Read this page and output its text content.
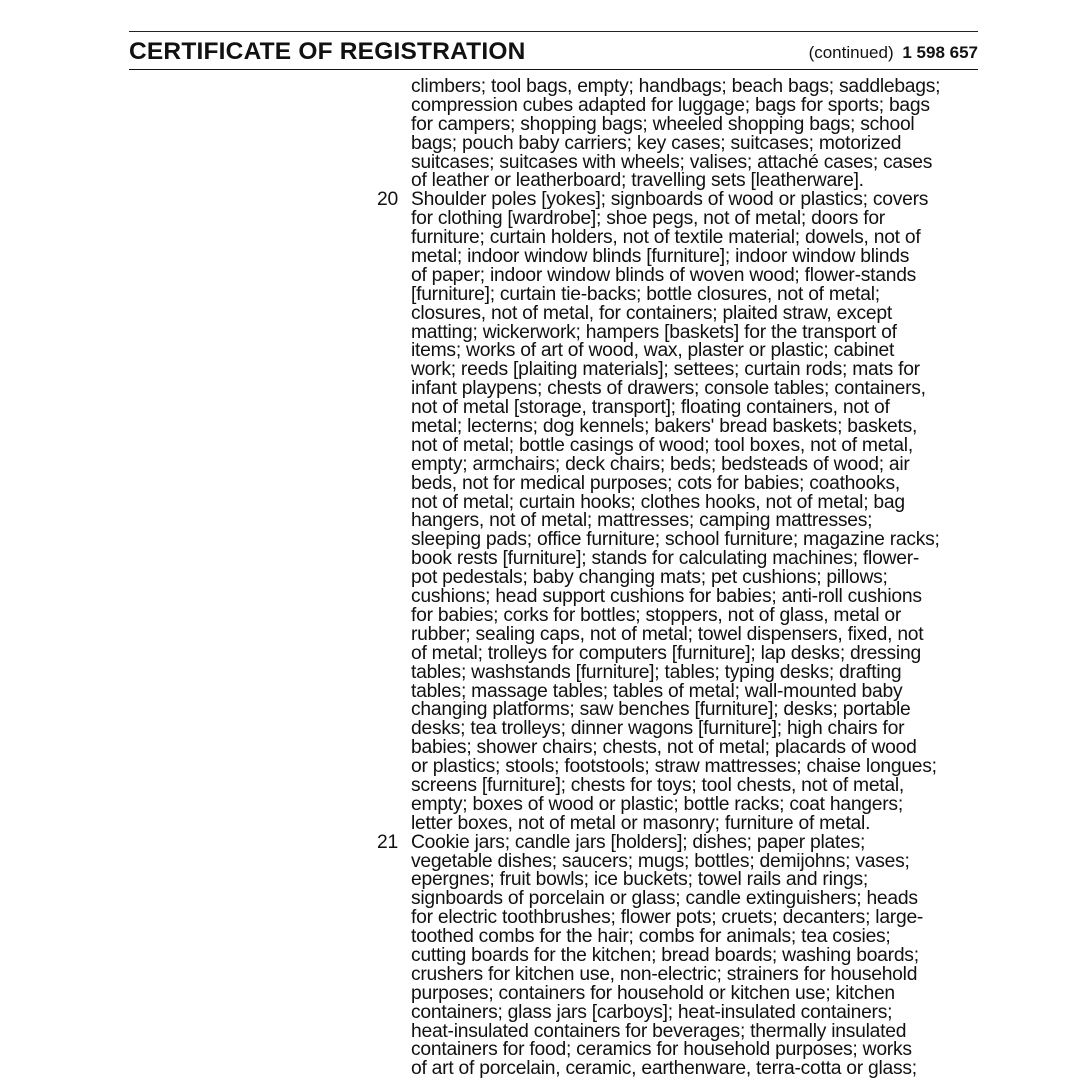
CERTIFICATE OF REGISTRATION	(continued) 1 598 657
climbers; tool bags, empty; handbags; beach bags; saddlebags;
compression cubes adapted for luggage; bags for sports; bags
for campers; shopping bags; wheeled shopping bags; school
bags; pouch baby carriers; key cases; suitcases; motorized
suitcases; suitcases with wheels; valises; attaché cases; cases
of leather or leatherboard; travelling sets [leatherware].
20 Shoulder poles [yokes]; signboards of wood or plastics; covers
for clothing [wardrobe]; shoe pegs, not of metal; doors for
furniture; curtain holders, not of textile material; dowels, not of
metal; indoor window blinds [furniture]; indoor window blinds
of paper; indoor window blinds of woven wood; flower-stands
[furniture]; curtain tie-backs; bottle closures, not of metal;
closures, not of metal, for containers; plaited straw, except
matting; wickerwork; hampers [baskets] for the transport of
items; works of art of wood, wax, plaster or plastic; cabinet
work; reeds [plaiting materials]; settees; curtain rods; mats for
infant playpens; chests of drawers; console tables; containers,
not of metal [storage, transport]; floating containers, not of
metal; lecterns; dog kennels; bakers' bread baskets; baskets,
not of metal; bottle casings of wood; tool boxes, not of metal,
empty; armchairs; deck chairs; beds; bedsteads of wood; air
beds, not for medical purposes; cots for babies; coathooks,
not of metal; curtain hooks; clothes hooks, not of metal; bag
hangers, not of metal; mattresses; camping mattresses;
sleeping pads; office furniture; school furniture; magazine racks;
book rests [furniture]; stands for calculating machines; flower-
pot pedestals; baby changing mats; pet cushions; pillows;
cushions; head support cushions for babies; anti-roll cushions
for babies; corks for bottles; stoppers, not of glass, metal or
rubber; sealing caps, not of metal; towel dispensers, fixed, not
of metal; trolleys for computers [furniture]; lap desks; dressing
tables; washstands [furniture]; tables; typing desks; drafting
tables; massage tables; tables of metal; wall-mounted baby
changing platforms; saw benches [furniture]; desks; portable
desks; tea trolleys; dinner wagons [furniture]; high chairs for
babies; shower chairs; chests, not of metal; placards of wood
or plastics; stools; footstools; straw mattresses; chaise longues;
screens [furniture]; chests for toys; tool chests, not of metal,
empty; boxes of wood or plastic; bottle racks; coat hangers;
letter boxes, not of metal or masonry; furniture of metal.
21 Cookie jars; candle jars [holders]; dishes; paper plates;
vegetable dishes; saucers; mugs; bottles; demijohns; vases;
epergnes; fruit bowls; ice buckets; towel rails and rings;
signboards of porcelain or glass; candle extinguishers; heads
for electric toothbrushes; flower pots; cruets; decanters; large-
toothed combs for the hair; combs for animals; tea cosies;
cutting boards for the kitchen; bread boards; washing boards;
crushers for kitchen use, non-electric; strainers for household
purposes; containers for household or kitchen use; kitchen
containers; glass jars [carboys]; heat-insulated containers;
heat-insulated containers for beverages; thermally insulated
containers for food; ceramics for household purposes; works
of art of porcelain, ceramic, earthenware, terra-cotta or glass;
